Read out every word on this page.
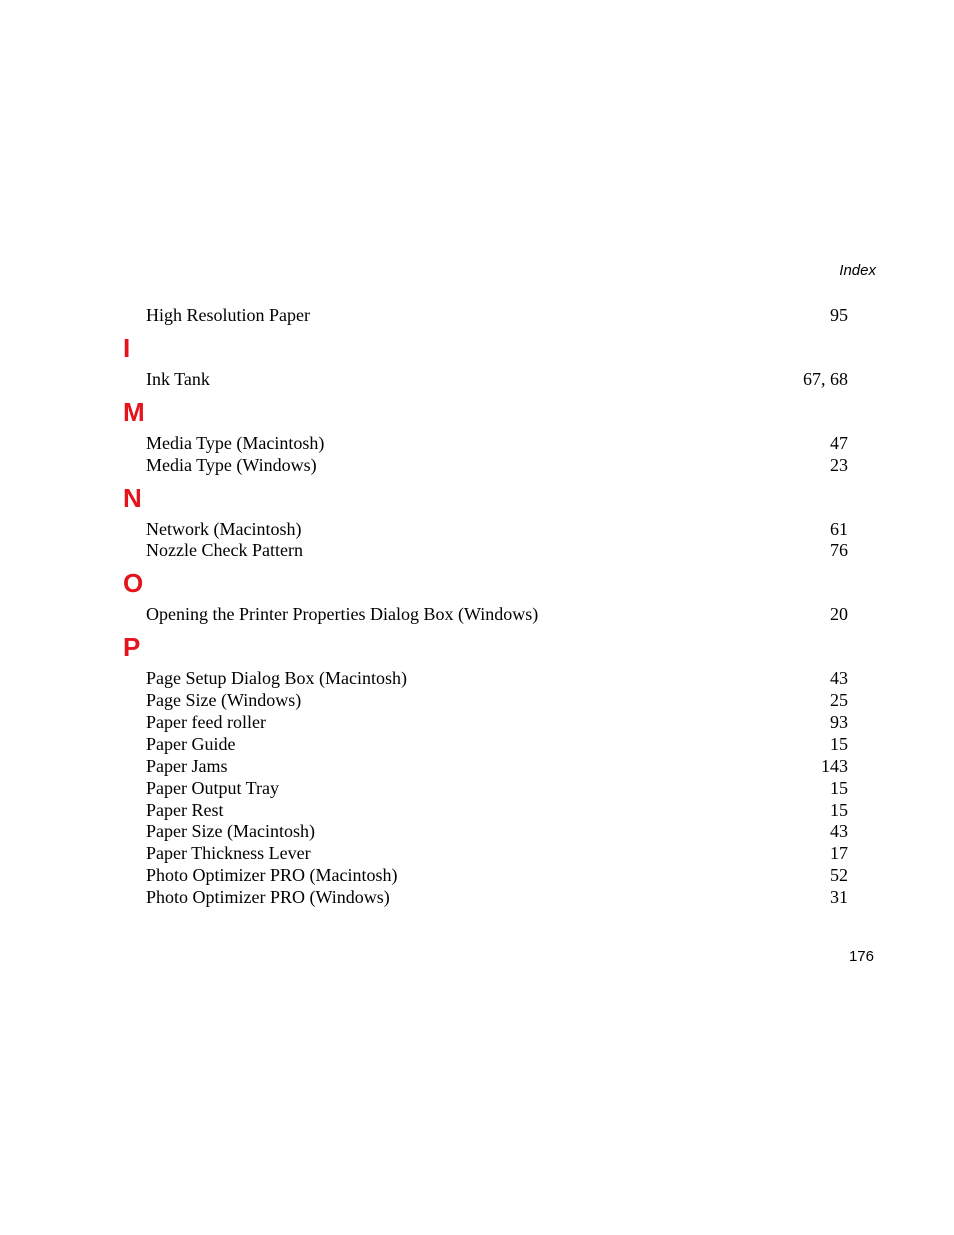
Index
High Resolution Paper	95
I
Ink Tank	67, 68
M
Media Type (Macintosh)	47
Media Type (Windows)	23
N
Network (Macintosh)	61
Nozzle Check Pattern	76
O
Opening the Printer Properties Dialog Box (Windows)	20
P
Page Setup Dialog Box (Macintosh)	43
Page Size (Windows)	25
Paper feed roller	93
Paper Guide	15
Paper Jams	143
Paper Output Tray	15
Paper Rest	15
Paper Size (Macintosh)	43
Paper Thickness Lever	17
Photo Optimizer PRO (Macintosh)	52
Photo Optimizer PRO (Windows)	31
176
